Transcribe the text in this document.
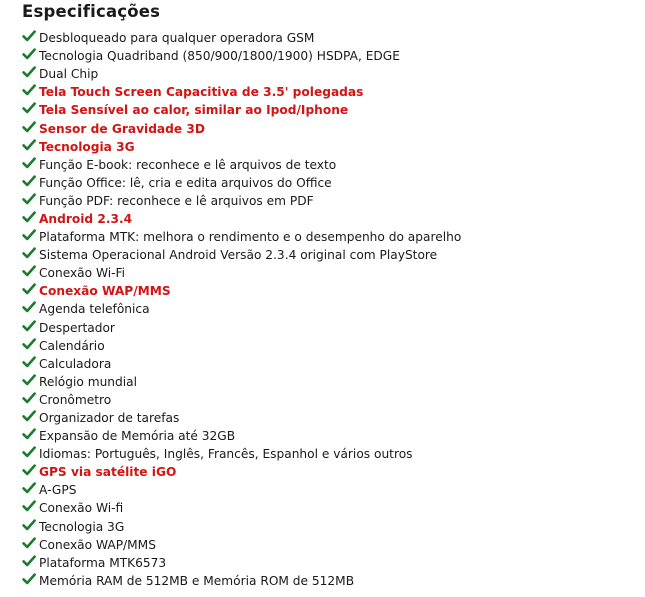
Especificações
Desbloqueado para qualquer operadora GSM
Tecnologia Quadriband (850/900/1800/1900) HSDPA, EDGE
Dual Chip
Tela Touch Screen Capacitiva de 3.5' polegadas
Tela Sensível ao calor, similar ao Ipod/Iphone
Sensor de Gravidade 3D
Tecnologia 3G
Função E-book: reconhece e lê arquivos de texto
Função Office: lê, cria e edita arquivos do Office
Função PDF: reconhece e lê arquivos em PDF
Android 2.3.4
Plataforma MTK: melhora o rendimento e o desempenho do aparelho
Sistema Operacional Android Versão 2.3.4 original com PlayStore
Conexão Wi-Fi
Conexão WAP/MMS
Agenda telefônica
Despertador
Calendário
Calculadora
Relógio mundial
Cronômetro
Organizador de tarefas
Expansão de Memória até 32GB
Idiomas: Português, Inglês, Francês, Espanhol e vários outros
GPS via satélite iGO
A-GPS
Conexão Wi-fi
Tecnologia 3G
Conexão WAP/MMS
Plataforma MTK6573
Memória RAM de 512MB e Memória ROM de 512MB
